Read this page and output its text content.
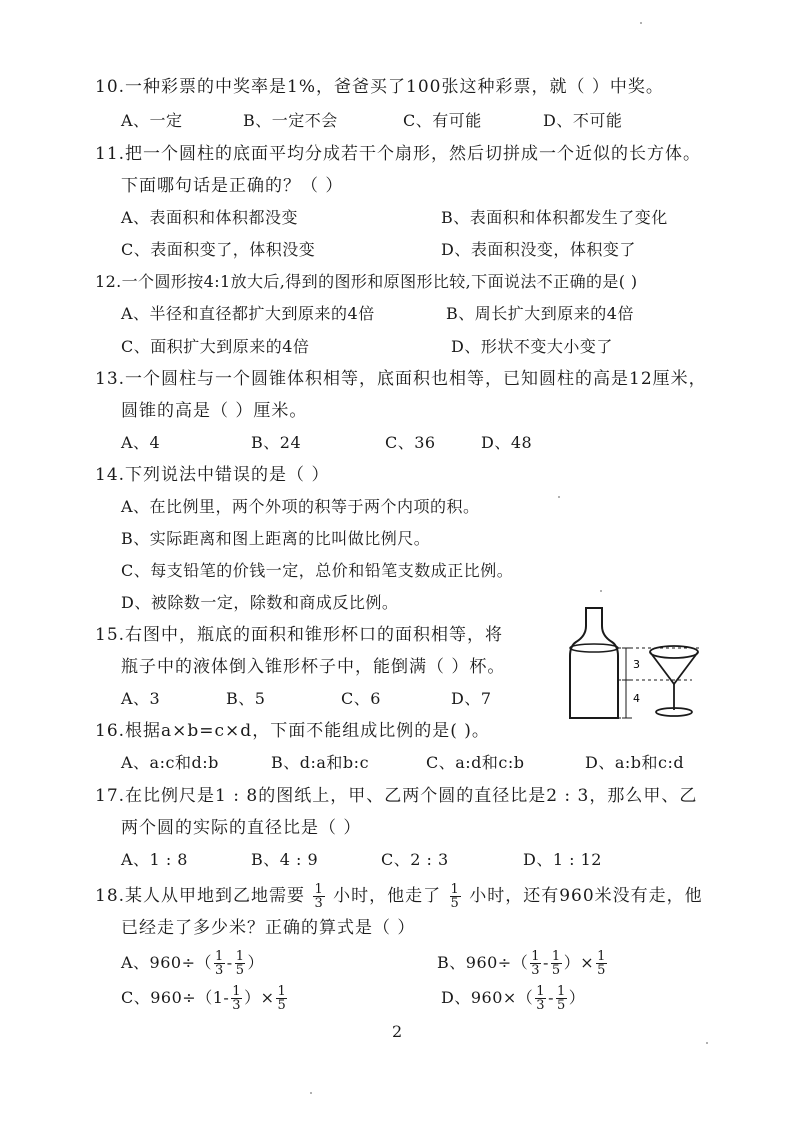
10.一种彩票的中奖率是1%，爸爸买了100张这种彩票，就（ ）中奖。
A、一定	B、一定不会	C、有可能	D、不可能
11.把一个圆柱的底面平均分成若干个扇形，然后切拼成一个近似的长方体。
下面哪句话是正确的？（ ）
A、表面积和体积都没变	B、表面积和体积都发生了变化
C、表面积变了，体积没变	D、表面积没变，体积变了
12.一个圆形按4:1放大后,得到的图形和原图形比较,下面说法不正确的是( )
A、半径和直径都扩大到原来的4倍	B、周长扩大到原来的4倍
C、面积扩大到原来的4倍	D、形状不变大小变了
13.一个圆柱与一个圆锥体积相等，底面积也相等，已知圆柱的高是12厘米，
圆锥的高是（ ）厘米。
A、4	B、24	C、36	D、48
14.下列说法中错误的是（ ）
A、在比例里，两个外项的积等于两个内项的积。
B、实际距离和图上距离的比叫做比例尺。
C、每支铅笔的价钱一定，总价和铅笔支数成正比例。
D、被除数一定，除数和商成反比例。
15.右图中，瓶底的面积和锥形杯口的面积相等，将
瓶子中的液体倒入锥形杯子中，能倒满（ ）杯。
A、3	B、5	C、6	D、7
3
4
16.根据a×b=c×d，下面不能组成比例的是( )。
A、a:c和d:b	B、d:a和b:c	C、a:d和c:b	D、a:b和c:d
17.在比例尺是1 : 8的图纸上，甲、乙两个圆的直径比是2 : 3，那么甲、乙
两个圆的实际的直径比是（ ）
A、1 : 8	B、4 : 9	C、2 : 3	D、1 : 12
18.某人从甲地到乙地需要 $\frac{1}{3}$ 小时，他走了 $\frac{1}{5}$ 小时，还有960米没有走，他
已经走了多少米？正确的算式是（ ）
A、$960\div( \frac{1}{3} - \frac{1}{5}$ ）	B、$960\div( \frac{1}{3} - \frac{1}{5}$ ）× $\frac{1}{5}$
C、$960\div(1- \frac{1}{3}$ ）× $\frac{1}{5}$	D、$960\times( \frac{1}{3} - \frac{1}{5}$ ）
2
